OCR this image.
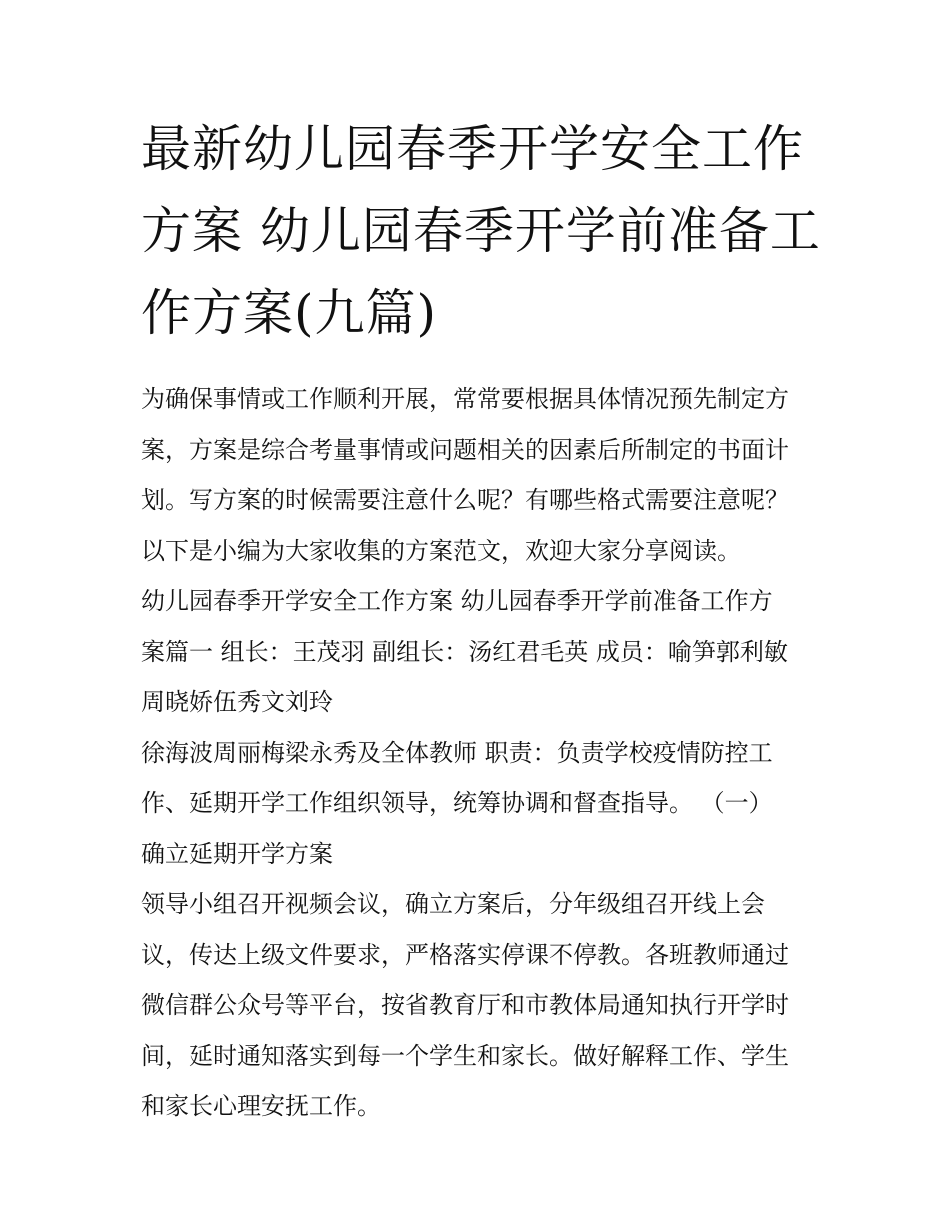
最新幼儿园春季开学安全工作
方案 幼儿园春季开学前准备工
作方案(九篇)

为确保事情或工作顺利开展，常常要根据具体情况预先制定方
案，方案是综合考量事情或问题相关的因素后所制定的书面计
划。写方案的时候需要注意什么呢？有哪些格式需要注意呢？
以下是小编为大家收集的方案范文，欢迎大家分享阅读。

幼儿园春季开学安全工作方案 幼儿园春季开学前准备工作方
案篇一 组长：王茂羽 副组长：汤红君毛英 成员：喻笋郭利敏
周晓娇伍秀文刘玲

徐海波周丽梅梁永秀及全体教师 职责：负责学校疫情防控工
作、延期开学工作组织领导，统筹协调和督查指导。 （一）
确立延期开学方案

领导小组召开视频会议，确立方案后，分年级组召开线上会
议，传达上级文件要求，严格落实停课不停教。各班教师通过
微信群公众号等平台，按省教育厅和市教体局通知执行开学时
间，延时通知落实到每一个学生和家长。做好解释工作、学生
和家长心理安抚工作。
